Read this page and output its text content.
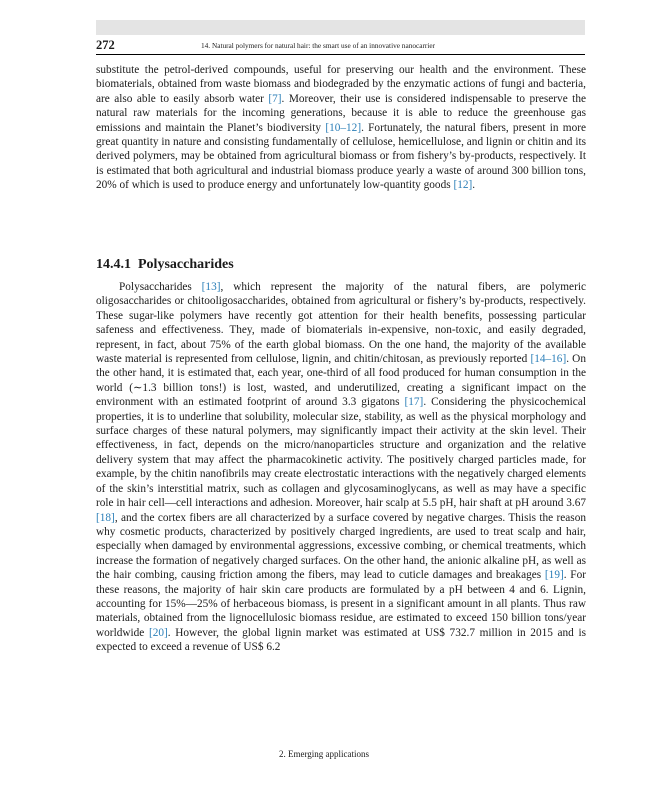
272	14. Natural polymers for natural hair: the smart use of an innovative nanocarrier

substitute the petrol-derived compounds, useful for preserving our health and the environment. These biomaterials, obtained from waste biomass and biodegraded by the enzymatic actions of fungi and bacteria, are also able to easily absorb water [7]. Moreover, their use is considered indispensable to preserve the natural raw materials for the incoming generations, because it is able to reduce the greenhouse gas emissions and maintain the Planet’s biodiversity [10–12]. Fortunately, the natural fibers, present in more great quantity in nature and consisting fundamentally of cellulose, hemicellulose, and lignin or chitin and its derived polymers, may be obtained from agricultural biomass or from fishery’s by-products, respectively. It is estimated that both agricultural and industrial biomass produce yearly a waste of around 300 billion tons, 20% of which is used to produce energy and unfortunately low-quantity goods [12].

14.4.1 Polysaccharides

Polysaccharides [13], which represent the majority of the natural fibers, are polymeric oligosaccharides or chitooligosaccharides, obtained from agricultural or fishery’s by-products, respectively. These sugar-like polymers have recently got attention for their health benefits, possessing particular safeness and effectiveness. They, made of biomaterials in-expensive, non-toxic, and easily degraded, represent, in fact, about 75% of the earth global biomass. On the one hand, the majority of the available waste material is represented from cellulose, lignin, and chitin/chitosan, as previously reported [14–16]. On the other hand, it is estimated that, each year, one-third of all food produced for human consumption in the world (∼1.3 billion tons!) is lost, wasted, and underutilized, creating a significant impact on the environment with an estimated footprint of around 3.3 gigatons [17]. Considering the physicochemical properties, it is to underline that solubility, molecular size, stability, as well as the physical morphology and surface charges of these natural polymers, may significantly impact their activity at the skin level. Their effectiveness, in fact, depends on the micro/nanoparticles structure and organization and the relative delivery system that may affect the pharmacokinetic activity. The positively charged particles made, for example, by the chitin nanofibrils may create electrostatic interactions with the negatively charged elements of the skin’s interstitial matrix, such as collagen and glycosaminoglycans, as well as may have a specific role in hair cell—cell interactions and adhesion. Moreover, hair scalp at 5.5 pH, hair shaft at pH around 3.67 [18], and the cortex fibers are all characterized by a surface covered by negative charges. Thisis the reason why cosmetic products, characterized by positively charged ingredients, are used to treat scalp and hair, especially when damaged by environmental aggressions, excessive combing, or chemical treatments, which increase the formation of negatively charged surfaces. On the other hand, the anionic alkaline pH, as well as the hair combing, causing friction among the fibers, may lead to cuticle damages and breakages [19]. For these reasons, the majority of hair skin care products are formulated by a pH between 4 and 6. Lignin, accounting for 15%—25% of herbaceous biomass, is present in a significant amount in all plants. Thus raw materials, obtained from the lignocellulosic biomass residue, are estimated to exceed 150 billion tons/year worldwide [20]. However, the global lignin market was estimated at US$ 732.7 million in 2015 and is expected to exceed a revenue of US$ 6.2

2. Emerging applications
